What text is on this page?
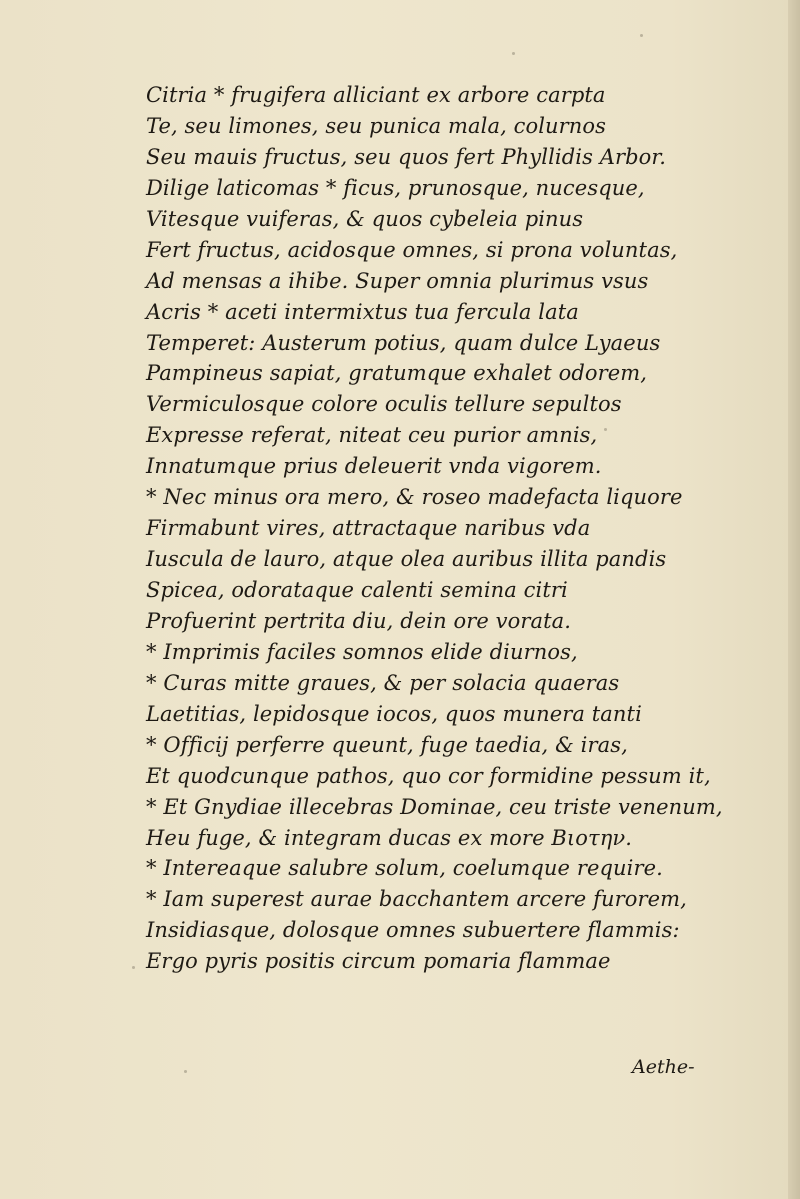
Citria * frugifera alliciant ex arbore carpta
Te, seu limones, seu punica mala, colurnos
Seu mauis fructus, seu quos fert Phyllidis Arbor.
Dilige laticomas * ficus, prunosque, nucesque,
Vitesque vuiferas, & quos cybeleia pinus
Fert fructus, acidosque omnes, si prona voluntas,
Ad mensas a ihibe. Super omnia plurimus vsus
Acris * aceti intermixtus tua fercula lata
Temperet: Austerum potius, quam dulce Lyaeus
Pampineus sapiat, gratumque exhalet odorem,
Vermiculosque colore oculis tellure sepultos
Expresse referat, niteat ceu purior amnis,
Innatumque prius deleuerit vnda vigorem.
* Nec minus ora mero, & roseo madefacta liquore
Firmabunt vires, attractaque naribus vda
Iuscula de lauro, atque olea auribus illita pandis
Spicea, odorataque calenti semina citri
Profuerint pertrita diu, dein ore vorata.
* Imprimis faciles somnos elide diurnos,
* Curas mitte graues, & per solacia quaeras
Laetitias, lepidosque iocos, quos munera tanti
* Officij perferre queunt, fuge taedia, & iras,
Et quodcunque pathos, quo cor formidine pessum it,
* Et Gnydiae illecebras Dominae, ceu triste venenum,
Heu fuge, & integram ducas ex more Βιοτην.
* Intereaque salubre solum, coelumque require.
* Iam superest aurae bacchantem arcere furorem,
Insidiasque, dolosque omnes subuertere flammis:
Ergo pyris positis circum pomaria flammae
Aethe-
